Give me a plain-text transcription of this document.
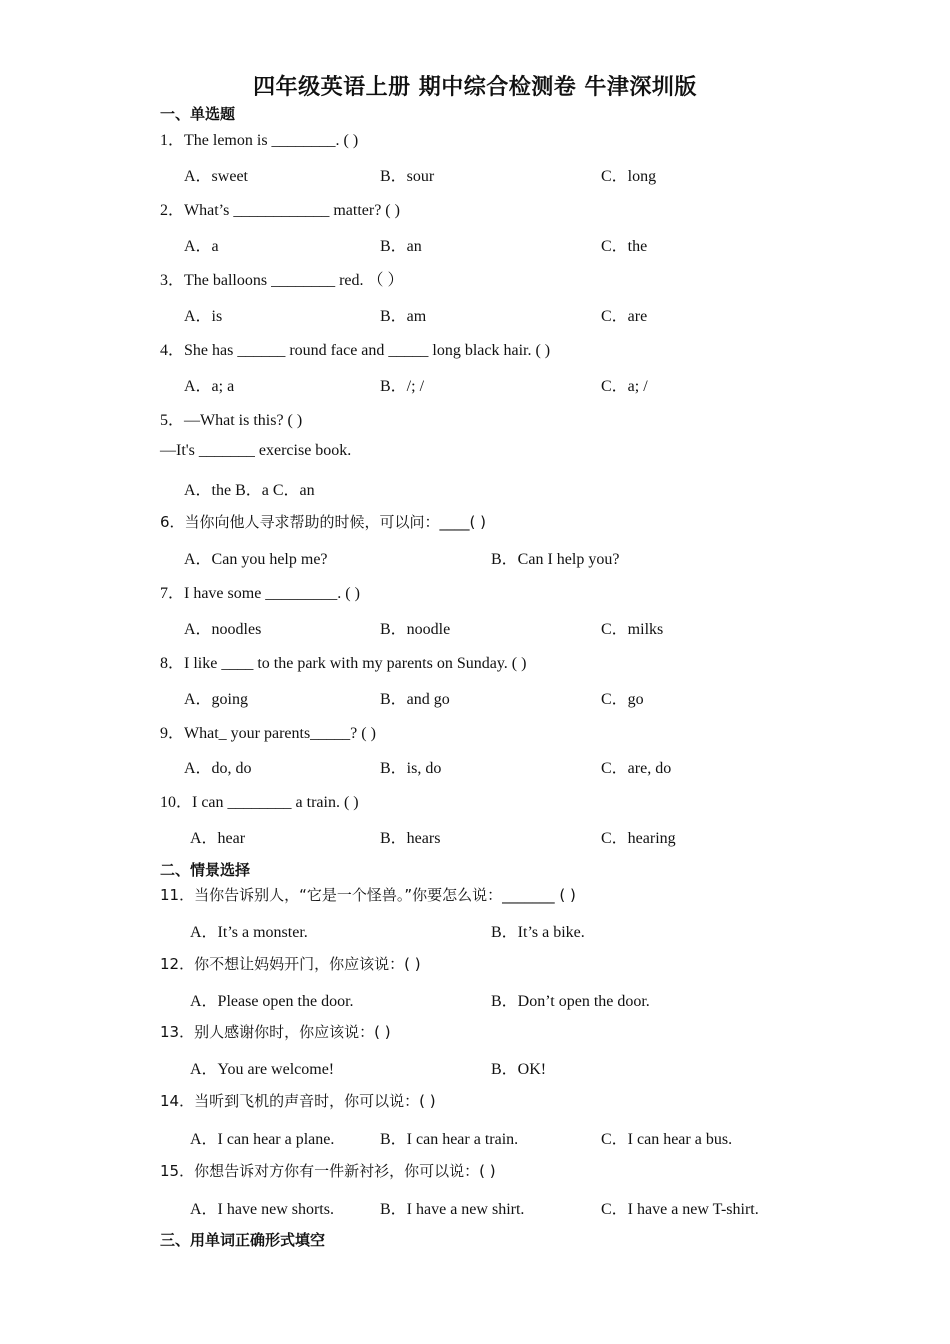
四年级英语上册 期中综合检测卷 牛津深圳版
一、单选题
1．The lemon is ________. ( )
A．sweet	B．sour	C．long
2．What’s ____________ matter? ( )
A．a	B．an	C．the
3．The balloons ________ red. （ ）
A．is	B．am	C．are
4．She has ______ round face and _____ long black hair. ( )
A．a; a	B．/; /	C．a; /
5．—What is this? ( )
—It's _______ exercise book.
A．the B．a C．an
6．当你向他人寻求帮助的时候，可以问：____( )
A．Can you help me?	B．Can I help you?
7．I have some _________. ( )
A．noodles	B．noodle	C．milks
8．I like ____ to the park with my parents on Sunday. ( )
A．going	B．and go	C．go
9．What_ your parents_____? ( )
A．do, do	B．is, do	C．are, do
10．I can ________ a train. ( )
A．hear	B．hears	C．hearing
二、情景选择
11．当你告诉别人，“它是一个怪兽。”你要怎么说：_______ ( )
A．It’s a monster.	B．It’s a bike.
12．你不想让妈妈开门，你应该说：( )
A．Please open the door.	B．Don’t open the door.
13．别人感谢你时，你应该说：( )
A．You are welcome!	B．OK!
14．当听到飞机的声音时，你可以说：( )
A．I can hear a plane.	B．I can hear a train.	C．I can hear a bus.
15．你想告诉对方你有一件新衬衫，你可以说：( )
A．I have new shorts.	B．I have a new shirt.	C．I have a new T-shirt.
三、用单词正确形式填空
